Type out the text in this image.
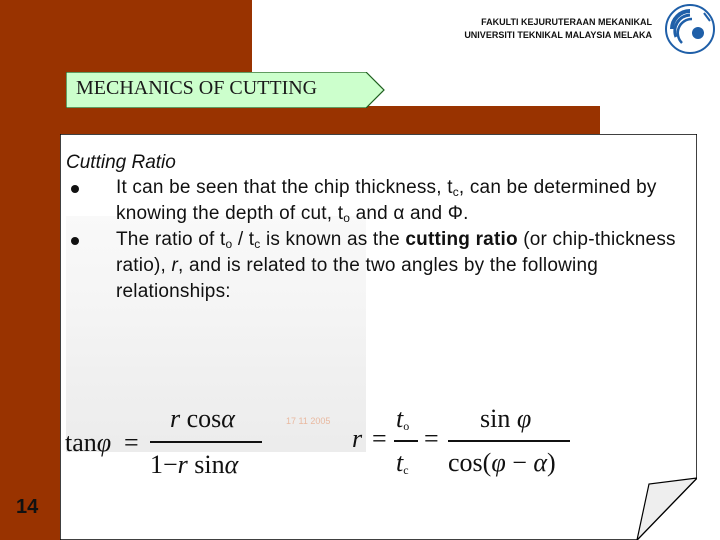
FAKULTI KEJURUTERAAN MEKANIKAL
UNIVERSITI TEKNIKAL MALAYSIA MELAKA
MECHANICS OF CUTTING
17 11 2005
Cutting Ratio
It can be seen that the chip thickness, $t_c$, can be determined by knowing the depth of cut, $t_o$ and α and Φ.
The ratio of $t_o / t_c$ is known as the cutting ratio (or chip-thickness ratio), r, and is related to the two angles by the following relationships:
tanφ =
r cosα
1−r sinα
r =
$t_o$
$t_c$
=
sin φ
cos(φ − α)
14
